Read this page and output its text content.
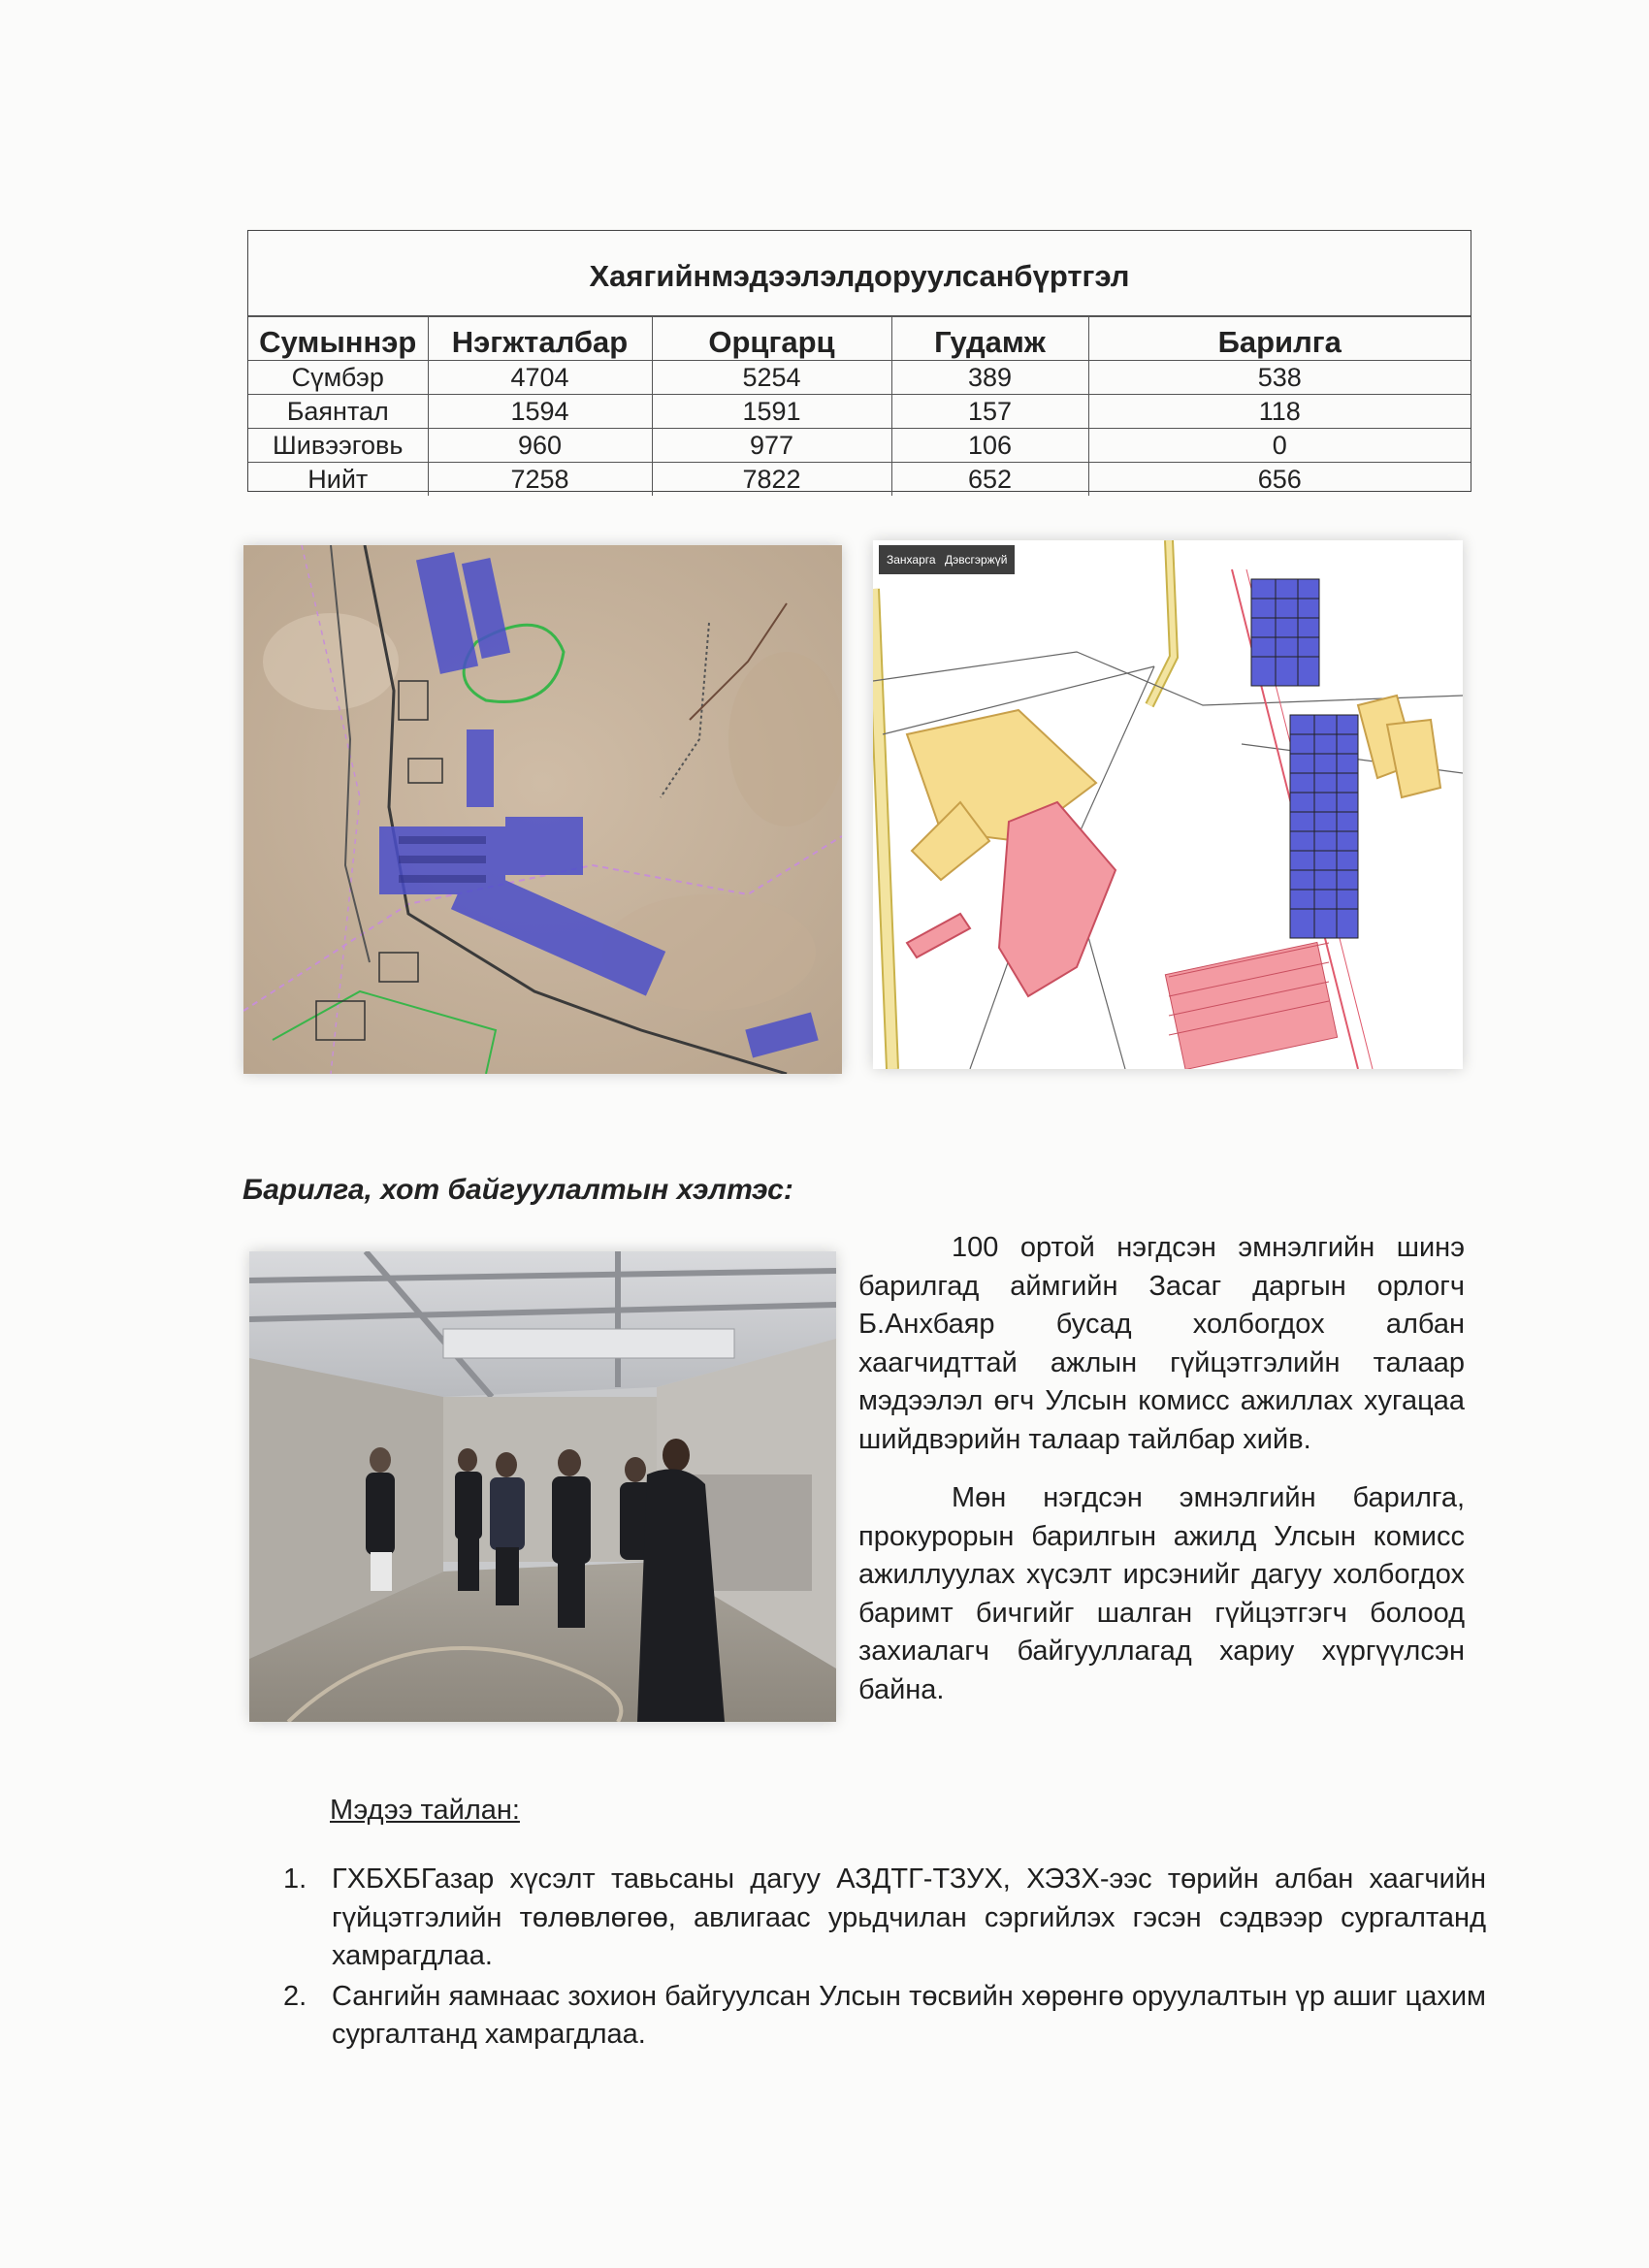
Хаягийнмэдээлэлдоруулсанбүртгэл
Сумыннэр	Нэгжталбар	Орцгарц	Гудамж	Барилга
Сүмбэр	4704	5254	389	538
Баянтал	1594	1591	157	118
Шивээговь	960	977	106	0
Нийт	7258	7822	652	656
Занхарга Дэвсгэржүй
Барилга, хот байгуулалтын хэлтэс:

100 ортой нэгдсэн эмнэлгийн шинэ барилгад аймгийн Засаг даргын орлогч Б.Анхбаяр бусад холбогдох албан хаагчидттай ажлын гүйцэтгэлийн талаар мэдээлэл өгч Улсын комисс ажиллах хугацаа шийдвэрийн талаар тайлбар хийв.

Мөн нэгдсэн эмнэлгийн барилга, прокурорын барилгын ажилд Улсын комисс ажиллуулах хүсэлт ирсэнийг дагуу холбогдох баримт бичгийг шалган гүйцэтгэгч болоод захиалагч байгууллагад хариу хүргүүлсэн байна.

Мэдээ тайлан:
1. ГХБХБГазар хүсэлт тавьсаны дагуу АЗДТГ-ТЗУХ, ХЭЗХ-ээс төрийн албан хаагчийн гүйцэтгэлийн төлөвлөгөө, авлигаас урьдчилан сэргийлэх гэсэн сэдвээр сургалтанд хамрагдлаа.
2. Сангийн яамнаас зохион байгуулсан Улсын төсвийн хөрөнгө оруулалтын үр ашиг цахим сургалтанд хамрагдлаа.
